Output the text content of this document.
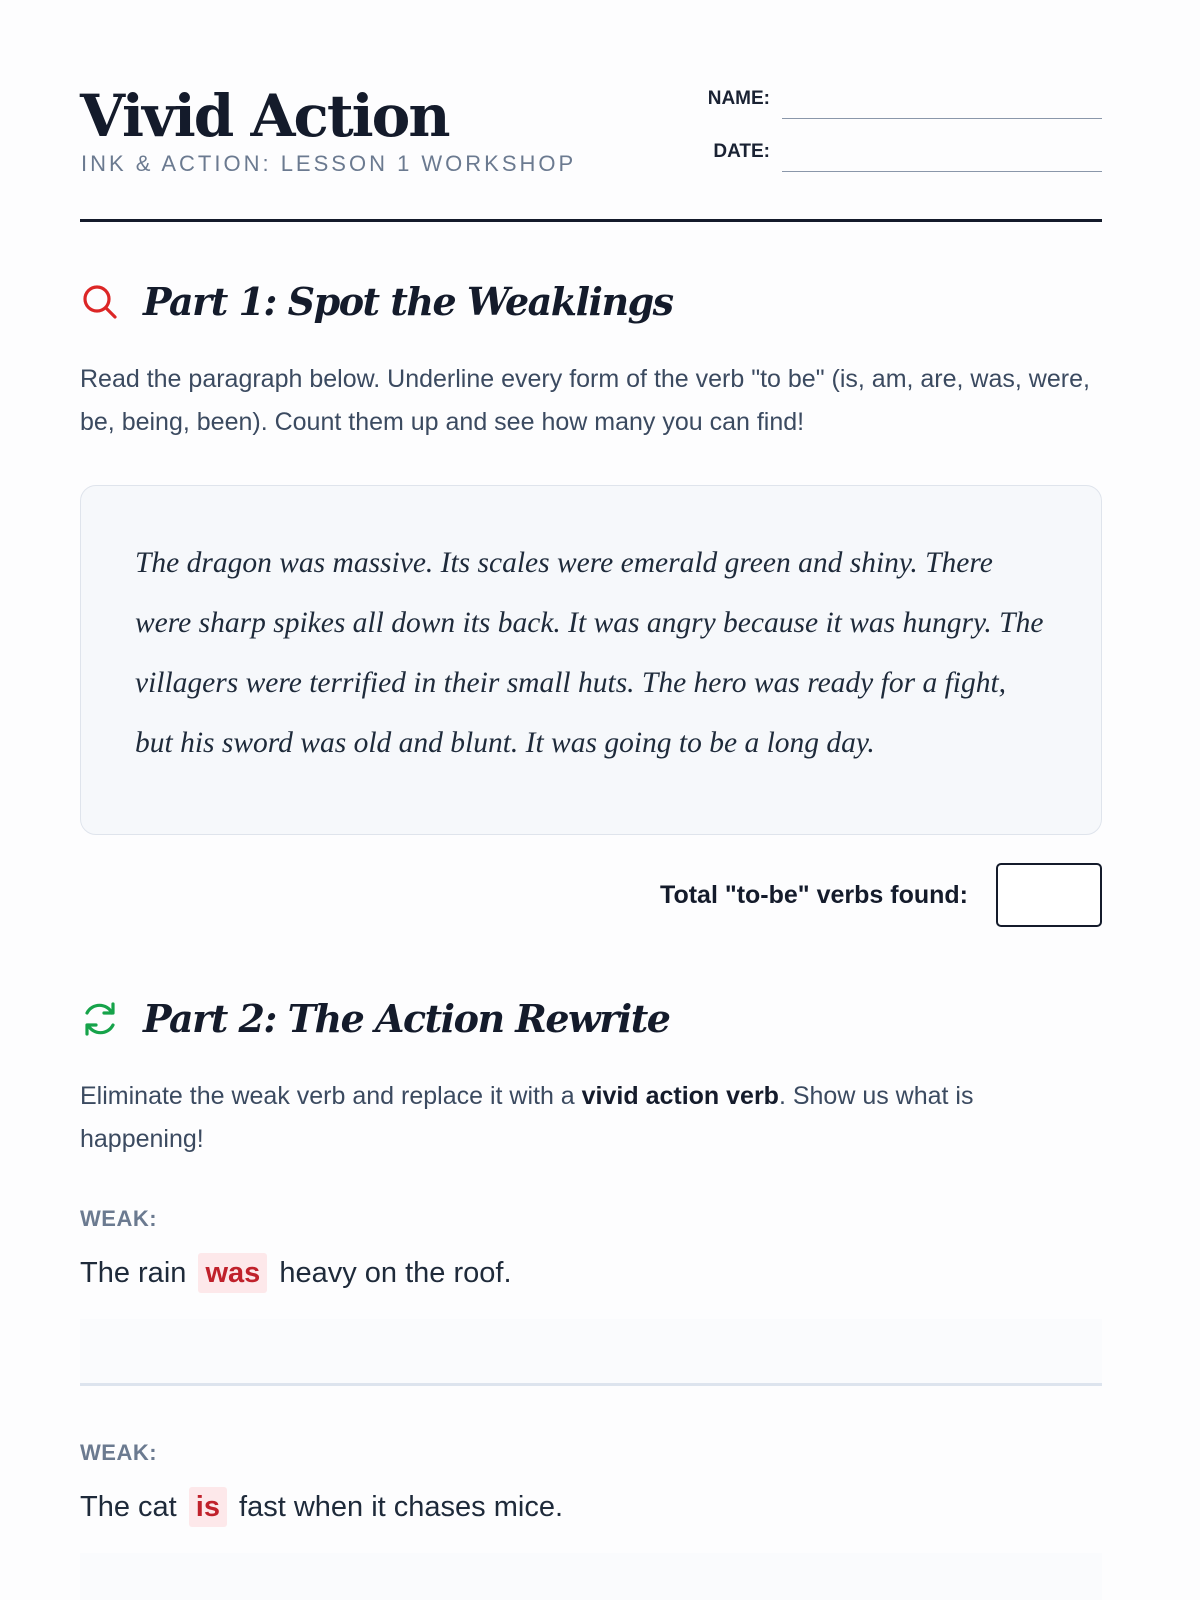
Vivid Action
INK & ACTION: LESSON 1 WORKSHOP
NAME:
DATE:
Part 1: Spot the Weaklings

Read the paragraph below. Underline every form of the verb "to be" (is, am, are, was, were, be, being, been). Count them up and see how many you can find!

The dragon was massive. Its scales were emerald green and shiny. There were sharp spikes all down its back. It was angry because it was hungry. The villagers were terrified in their small huts. The hero was ready for a fight, but his sword was old and blunt. It was going to be a long day.

Total "to-be" verbs found:
Part 2: The Action Rewrite

Eliminate the weak verb and replace it with a vivid action verb. Show us what is happening!

WEAK:
The rain was heavy on the roof.
WEAK:
The cat is fast when it chases mice.
